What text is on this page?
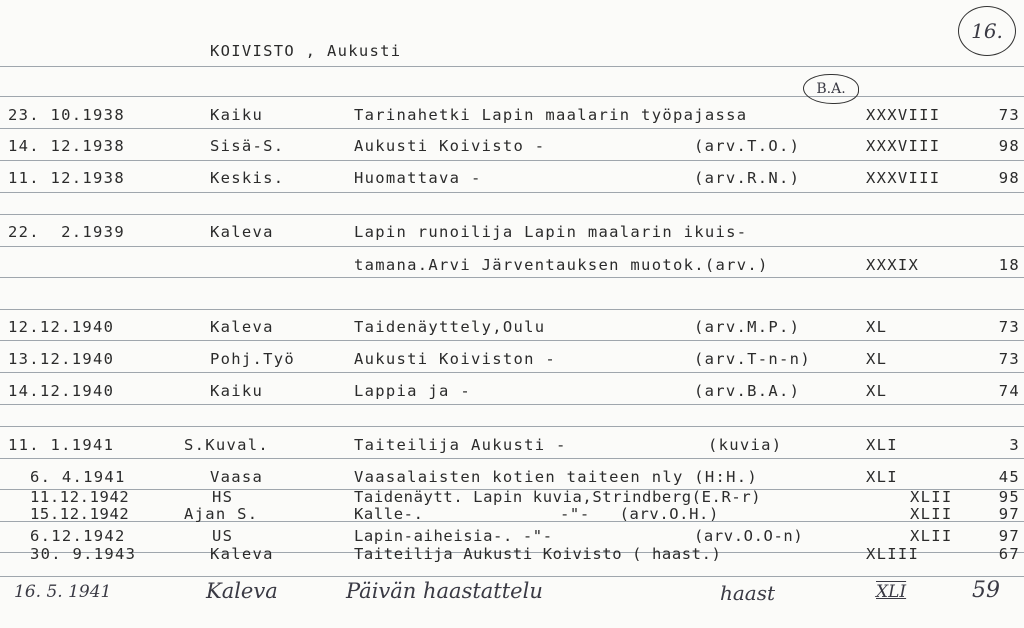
KOIVISTO , Aukusti
16.
B.A.
23. 10.1938	Kaiku	Tarinahetki Lapin maalarin työpajassa	XXXVIII	73
14. 12.1938	Sisä-S.	Aukusti Koivisto -	(arv.T.O.)	XXXVIII	98
11. 12.1938	Keskis.	Huomattava -	(arv.R.N.)	XXXVIII	98
22.  2.1939	Kaleva	Lapin runoilija Lapin maalarin ikuis-
tamana.Arvi Järventauksen muotok.(arv.)	XXXIX	18
12.12.1940	Kaleva	Taidenäyttely,Oulu	(arv.M.P.)	XL	73
13.12.1940	Pohj.Työ	Aukusti Koiviston -	(arv.T-n-n)	XL	73
14.12.1940	Kaiku	Lappia ja -	(arv.B.A.)	XL	74
11. 1.1941	S.Kuval.	Taiteilija Aukusti -	(kuvia)	XLI	3
6. 4.1941	Vaasa	Vaasalaisten kotien taiteen nly (H:H.)	XLI	45
11.12.1942	HS	Taidenäytt. Lapin kuvia,Strindberg(E.R-r)	XLII	95
15.12.1942	Ajan S.	Kalle-.	-"-   (arv.O.H.)	XLII	97
6.12.1942	US	Lapin-aiheisia-. -"-	(arv.O.O-n)	XLII	97
30. 9.1943	Kaleva	Taiteilija Aukusti Koivisto ( haast.)	XLIII	67
16. 5. 1941	Kaleva	Päivän haastattelu	haast	XLI	59
